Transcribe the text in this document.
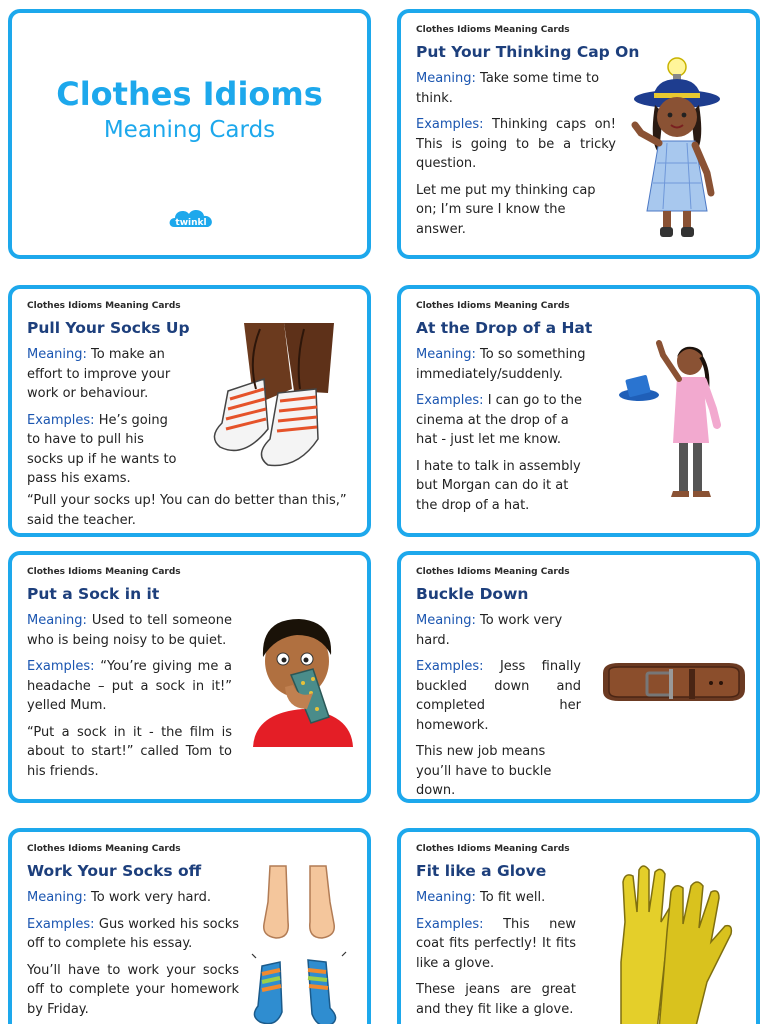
Clothes Idioms
Meaning Cards
twinkl
Clothes Idioms Meaning Cards
Put Your Thinking Cap On

Meaning: Take some time to think.

Examples: Thinking caps on! This is going to be a tricky question.

Let me put my thinking cap on; I’m sure I know the answer.

Clothes Idioms Meaning Cards
Pull Your Socks Up

Meaning: To make an effort to improve your work or behaviour.

Examples: He’s going to have to pull his socks up if he wants to pass his exams.

“Pull your socks up! You can do better than this,” said the teacher.

Clothes Idioms Meaning Cards
At the Drop of a Hat

Meaning: To so something immediately/suddenly.

Examples: I can go to the cinema at the drop of a hat - just let me know.

I hate to talk in assembly but Morgan can do it at the drop of a hat.

Clothes Idioms Meaning Cards
Put a Sock in it

Meaning: Used to tell someone who is being noisy to be quiet.

Examples: “You’re giving me a headache – put a sock in it!” yelled Mum.

“Put a sock in it - the film is about to start!” called Tom to his friends.

Clothes Idioms Meaning Cards
Buckle Down

Meaning: To work very hard.

Examples: Jess finally buckled down and completed her homework.

This new job means you’ll have to buckle down.

Clothes Idioms Meaning Cards
Work Your Socks off

Meaning: To work very hard.

Examples: Gus worked his socks off to complete his essay.

You’ll have to work your socks off to complete your homework by Friday.

Clothes Idioms Meaning Cards
Fit like a Glove

Meaning: To fit well.

Examples: This new coat fits perfectly! It fits like a glove.

These jeans are great and they fit like a glove.
